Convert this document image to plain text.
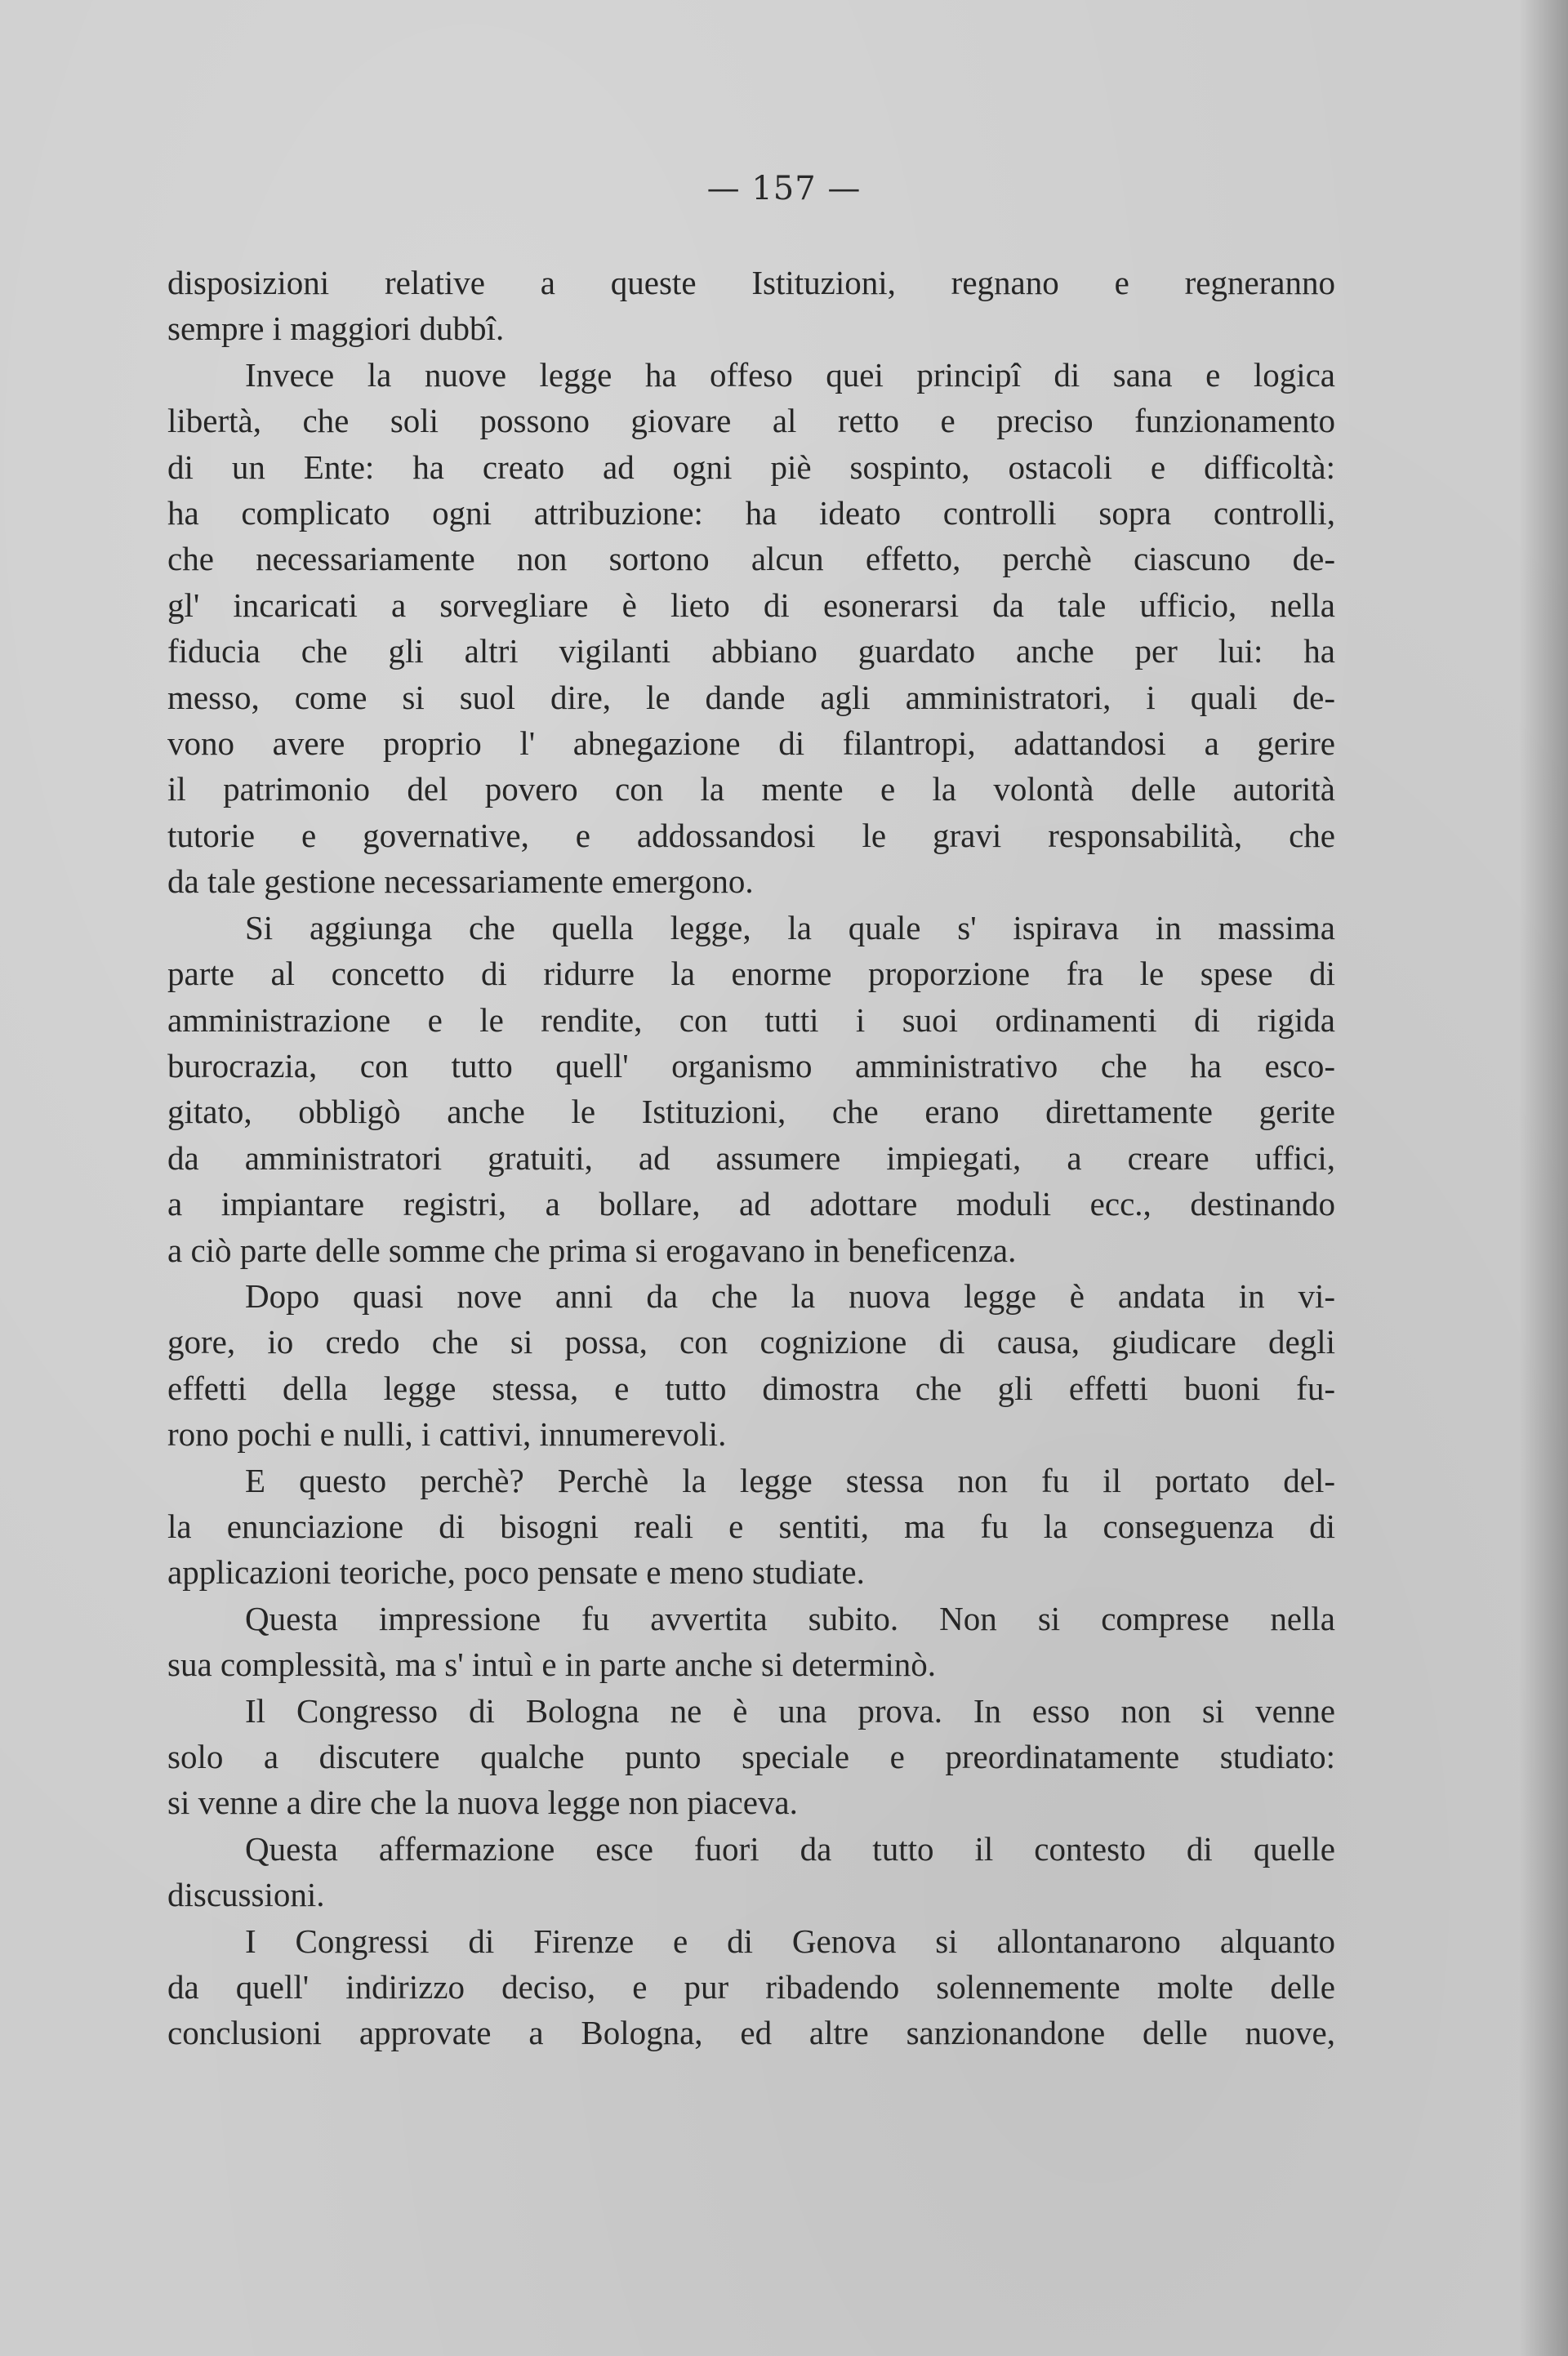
— 157 —
disposizioni relative a queste Istituzioni, regnano e regneranno
sempre i maggiori dubbî.
Invece la nuove legge ha offeso quei principî di sana e logica
libertà, che soli possono giovare al retto e preciso funzionamento
di un Ente: ha creato ad ogni piè sospinto, ostacoli e difficoltà:
ha complicato ogni attribuzione: ha ideato controlli sopra controlli,
che necessariamente non sortono alcun effetto, perchè ciascuno de-
gl' incaricati a sorvegliare è lieto di esonerarsi da tale ufficio, nella
fiducia che gli altri vigilanti abbiano guardato anche per lui: ha
messo, come si suol dire, le dande agli amministratori, i quali de-
vono avere proprio l' abnegazione di filantropi, adattandosi a gerire
il patrimonio del povero con la mente e la volontà delle autorità
tutorie e governative, e addossandosi le gravi responsabilità, che
da tale gestione necessariamente emergono.
Si aggiunga che quella legge, la quale s' ispirava in massima
parte al concetto di ridurre la enorme proporzione fra le spese di
amministrazione e le rendite, con tutti i suoi ordinamenti di rigida
burocrazia, con tutto quell' organismo amministrativo che ha esco-
gitato, obbligò anche le Istituzioni, che erano direttamente gerite
da amministratori gratuiti, ad assumere impiegati, a creare uffici,
a impiantare registri, a bollare, ad adottare moduli ecc., destinando
a ciò parte delle somme che prima si erogavano in beneficenza.
Dopo quasi nove anni da che la nuova legge è andata in vi-
gore, io credo che si possa, con cognizione di causa, giudicare degli
effetti della legge stessa, e tutto dimostra che gli effetti buoni fu-
rono pochi e nulli, i cattivi, innumerevoli.
E questo perchè? Perchè la legge stessa non fu il portato del-
la enunciazione di bisogni reali e sentiti, ma fu la conseguenza di
applicazioni teoriche, poco pensate e meno studiate.
Questa impressione fu avvertita subito. Non si comprese nella
sua complessità, ma s' intuì e in parte anche si determinò.
Il Congresso di Bologna ne è una prova. In esso non si venne
solo a discutere qualche punto speciale e preordinatamente studiato:
si venne a dire che la nuova legge non piaceva.
Questa affermazione esce fuori da tutto il contesto di quelle
discussioni.
I Congressi di Firenze e di Genova si allontanarono alquanto
da quell' indirizzo deciso, e pur ribadendo solennemente molte delle
conclusioni approvate a Bologna, ed altre sanzionandone delle nuove,
